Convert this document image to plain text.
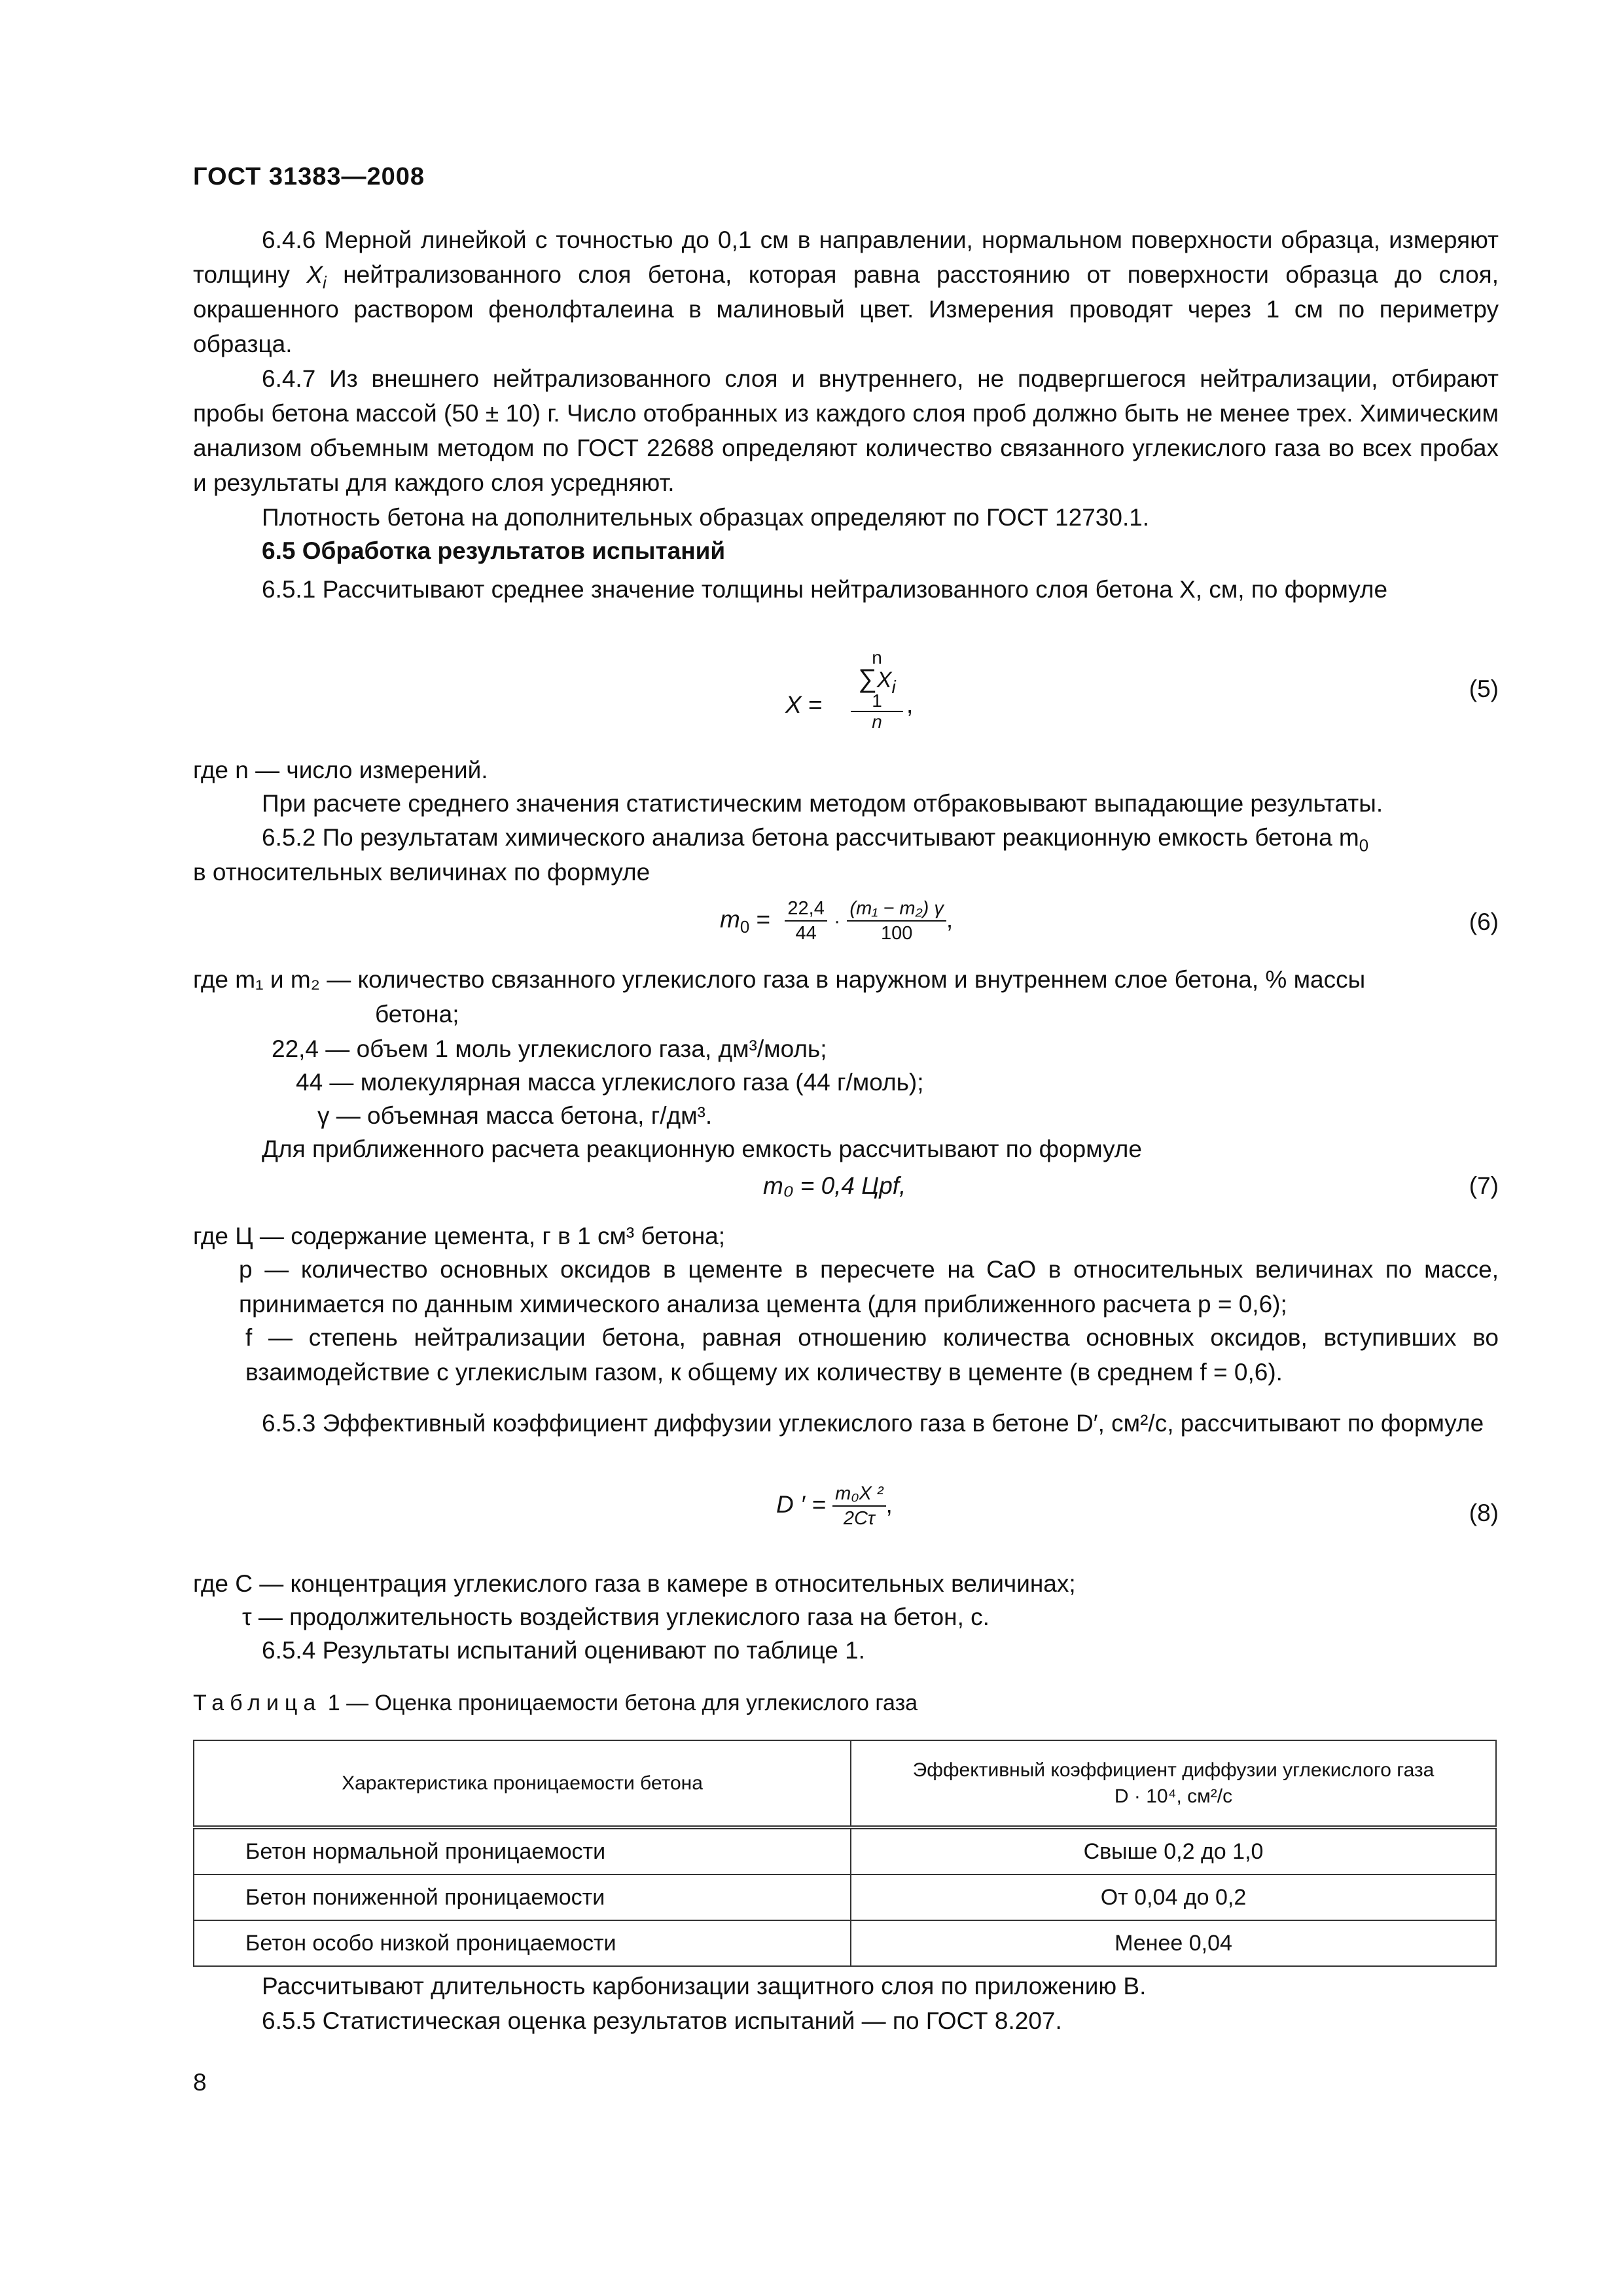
ГОСТ 31383—2008

6.4.6 Мерной линейкой с точностью до 0,1 см в направлении, нормальном поверхности образца, измеряют толщину $X_i$ нейтрализованного слоя бетона, которая равна расстоянию от поверхности образца до слоя, окрашенного раствором фенолфталеина в малиновый цвет. Измерения проводят через 1 см по периметру образца.

6.4.7 Из внешнего нейтрализованного слоя и внутреннего, не подвергшегося нейтрализации, отбирают пробы бетона массой (50 ± 10) г. Число отобранных из каждого слоя проб должно быть не менее трех. Химическим анализом объемным методом по ГОСТ 22688 определяют количество связанного углекислого газа во всех пробах и результаты для каждого слоя усредняют.

Плотность бетона на дополнительных образцах определяют по ГОСТ 12730.1.

6.5 Обработка результатов испытаний

6.5.1 Рассчитывают среднее значение толщины нейтрализованного слоя бетона X, см, по формуле

X =
n
$\sum X_i$
1
n
,
(5)
где n — число измерений.

При расчете среднего значения статистическим методом отбраковывают выпадающие результаты.

6.5.2 По результатам химического анализа бетона рассчитывают реакционную емкость бетона $m_0$

в относительных величинах по формуле

$m_0 = \frac{22,4}{44} \cdot \frac{\text{(m₁ − m₂) γ}}{100}$ ,	(6)
где m₁ и m₂ — количество связанного углекислого газа в наружном и внутреннем слое бетона, % массы
бетона;
22,4 — объем 1 моль углекислого газа, дм³/моль;
44 — молекулярная масса углекислого газа (44 г/моль);
γ — объемная масса бетона, г/дм³.

Для приближенного расчета реакционную емкость рассчитывают по формуле

m₀ = 0,4 Цpf,	(7)
где Ц — содержание цемента, г в 1 см³ бетона;
p — количество основных оксидов в цементе в пересчете на CaO в относительных величинах по массе, принимается по данным химического анализа цемента (для приближенного расчета p = 0,6);
f — степень нейтрализации бетона, равная отношению количества основных оксидов, вступивших во взаимодействие с углекислым газом, к общему их количеству в цементе (в среднем f = 0,6).

6.5.3 Эффективный коэффициент диффузии углекислого газа в бетоне D′, см²/с, рассчитывают по формуле

D ′ = $\frac{\text{m₀X ²}}{2C\tau}$ ,	(8)
где C — концентрация углекислого газа в камере в относительных величинах;
τ — продолжительность воздействия углекислого газа на бетон, с.

6.5.4 Результаты испытаний оценивают по таблице 1.

Таблица 1 — Оценка проницаемости бетона для углекислого газа
Характеристика проницаемости бетона	Эффективный коэффициент диффузии углекислого газа
D · 10⁴, см²/с

Бетон нормальной проницаемости	Свыше 0,2 до 1,0
Бетон пониженной проницаемости	От 0,04 до 0,2
Бетон особо низкой проницаемости	Менее 0,04

Рассчитывают длительность карбонизации защитного слоя по приложению В.

6.5.5 Статистическая оценка результатов испытаний — по ГОСТ 8.207.

8
